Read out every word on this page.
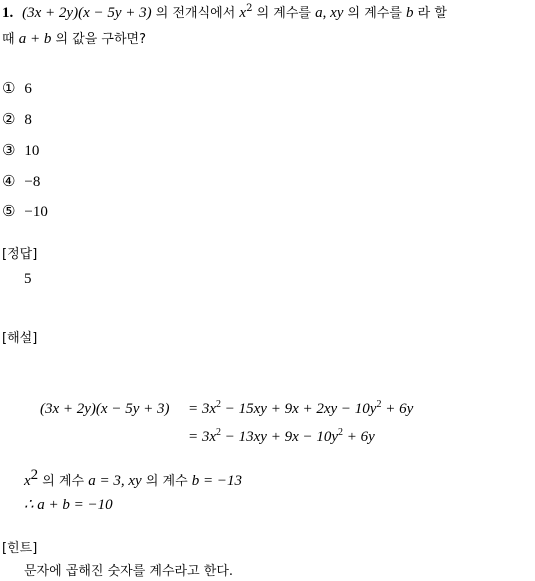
1. (3x + 2y)(x − 5y + 3) 의 전개식에서 $x^2$ 의 계수를 a, xy 의 계수를 b 라 할
때 a + b 의 값을 구하면?
① 6
② 8
③ 10
④ −8
⑤ −10
[정답]
5
[해설]
$(3x + 2y)(x - 5y + 3) = 3x^2 - 15xy + 9x + 2xy - 10y^2 + 6y$
= $3x^2 - 13xy + 9x - 10y^2 + 6y$
$x^2$ 의 계수 a = 3, xy 의 계수 b = −13
∴ a + b = −10
[힌트]
문자에 곱해진 숫자를 계수라고 한다.
